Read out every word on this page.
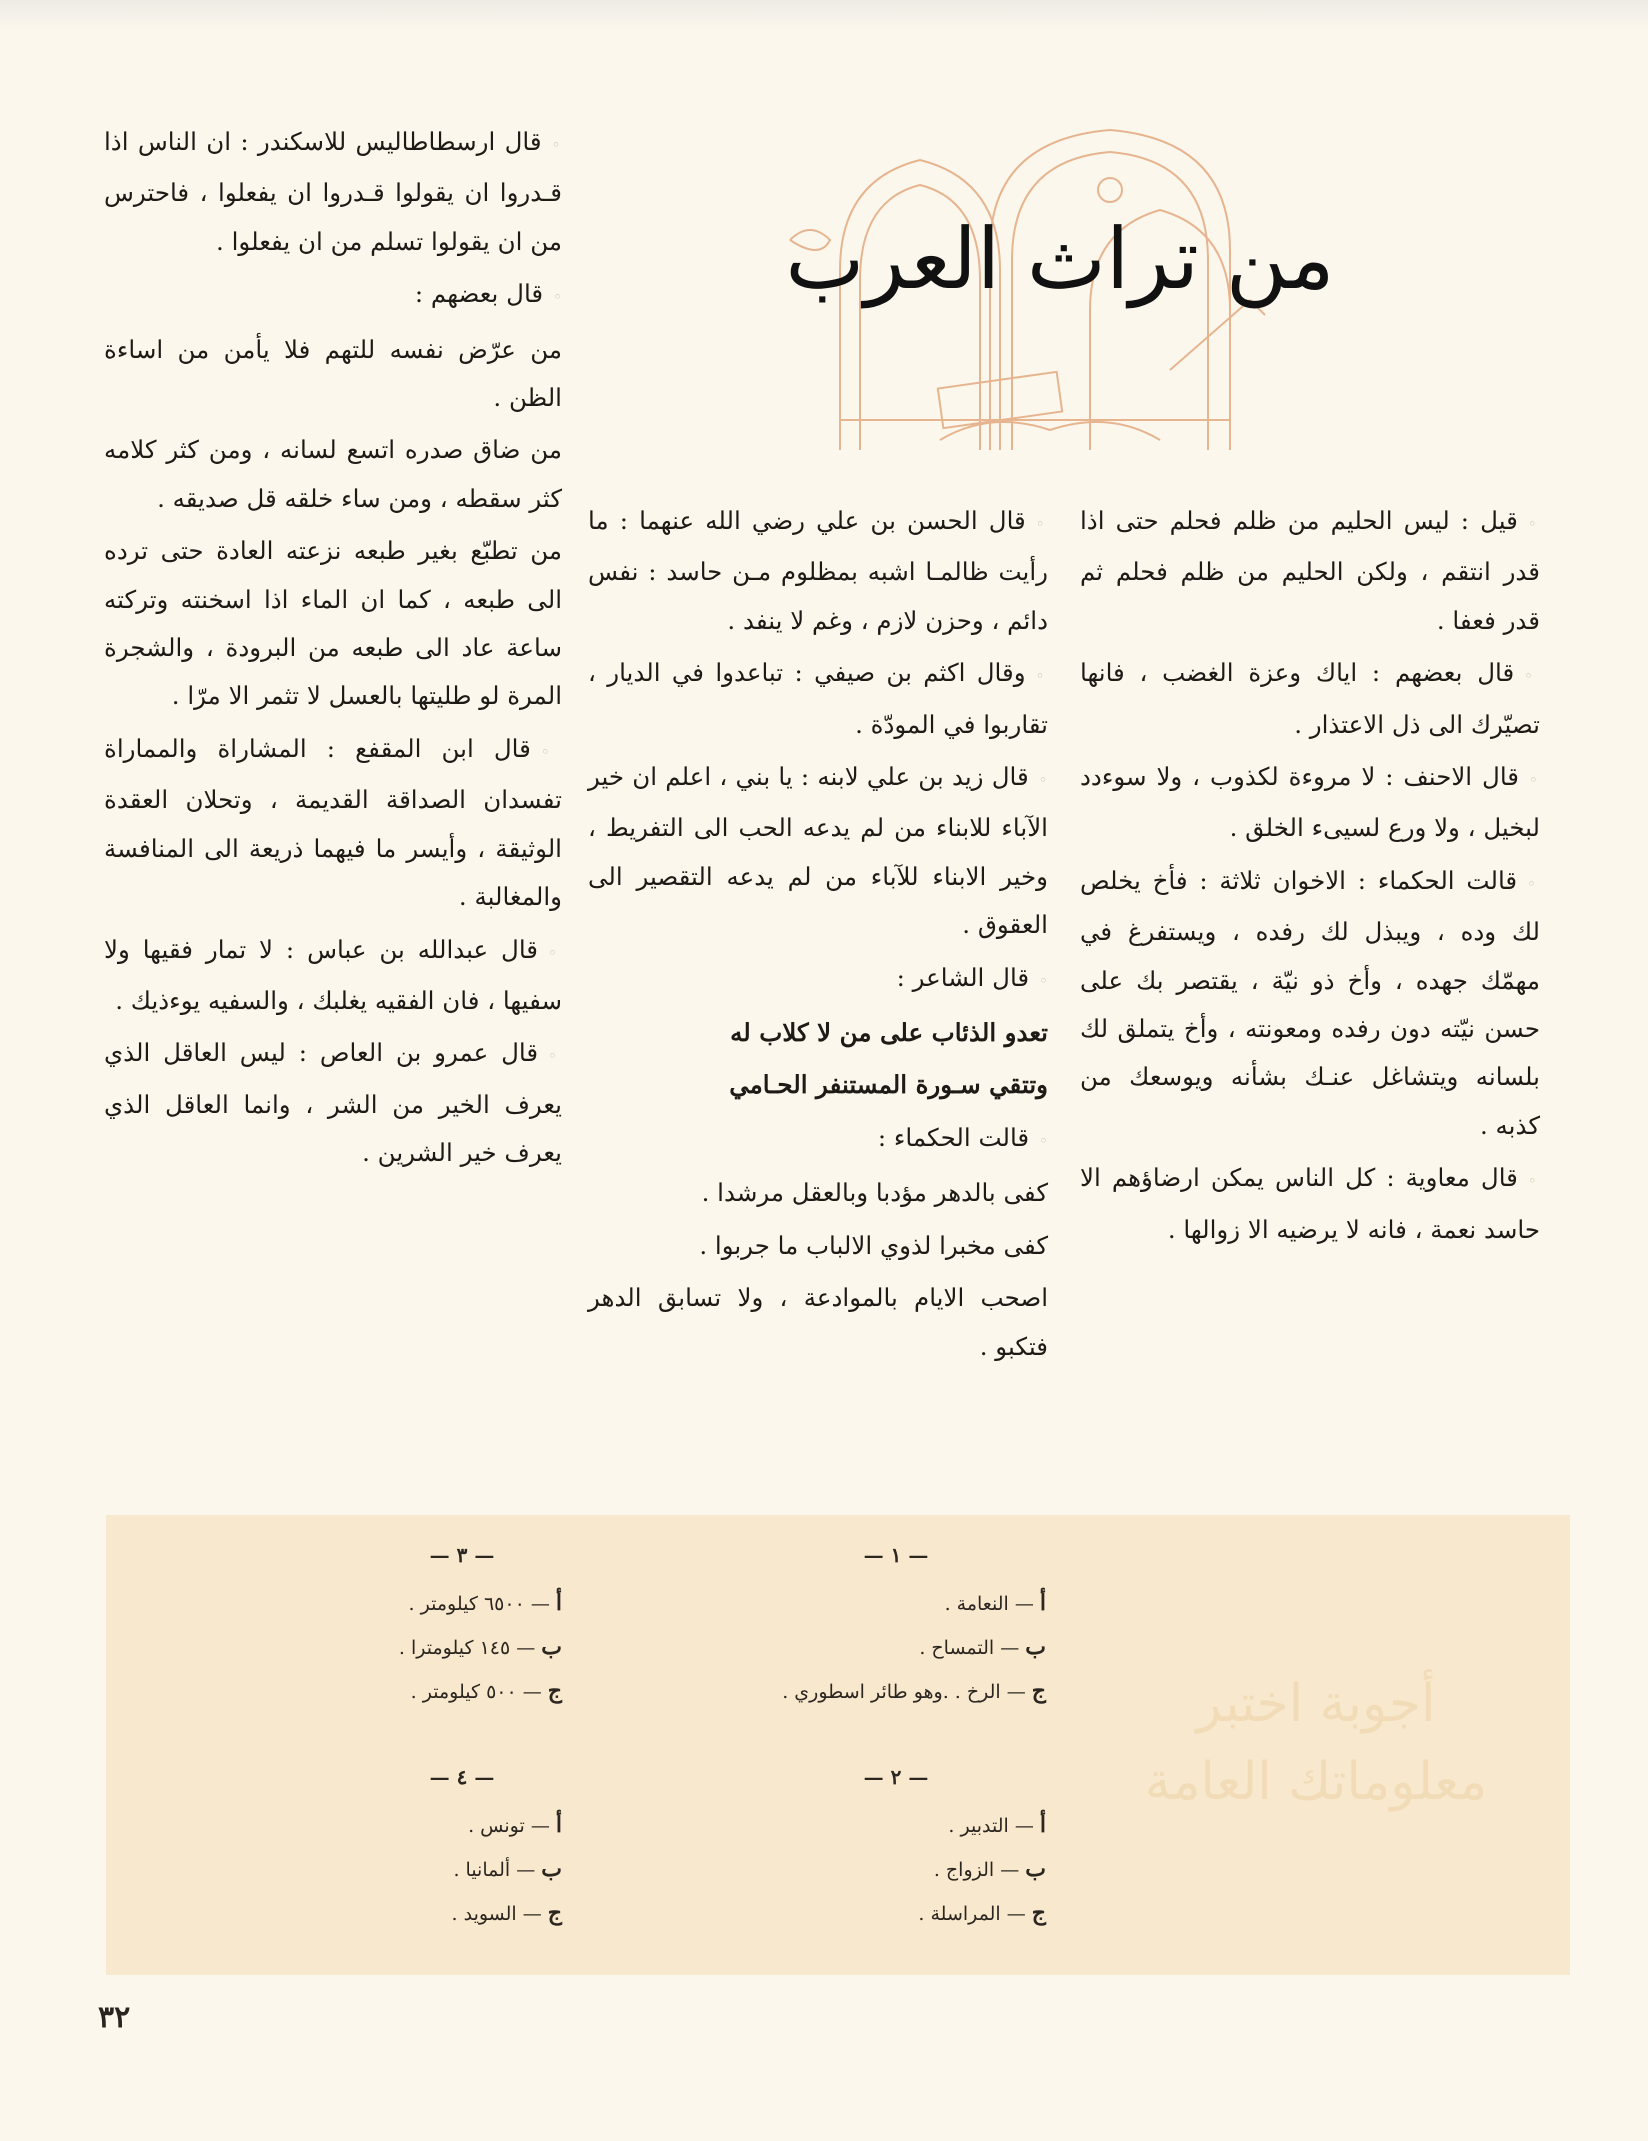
من تراث العرب

◦قيل : ليس الحليم من ظلم فحلم حتى اذا قدر انتقم ، ولكن الحليم من ظلم فحلم ثم قدر فعفا .

◦قال بعضهم : اياك وعزة الغضب ، فانها تصيّرك الى ذل الاعتذار .

◦قال الاحنف : لا مروءة لكذوب ، ولا سوءدد لبخيل ، ولا ورع لسيىء الخلق .

◦قالت الحكماء : الاخوان ثلاثة : فأخ يخلص لك وده ، ويبذل لك رفده ، ويستفرغ في مهمّك جهده ، وأخ ذو نيّة ، يقتصر بك على حسن نيّته دون رفده ومعونته ، وأخ يتملق لك بلسانه ويتشاغل عنـك بشأنه ويوسعك من كذبه .

◦قال معاوية : كل الناس يمكن ارضاؤهم الا حاسد نعمة ، فانه لا يرضيه الا زوالها .

◦قال الحسن بن علي رضي الله عنهما : ما رأيت ظالمـا اشبه بمظلوم مـن حاسد : نفس دائم ، وحزن لازم ، وغم لا ينفد .

◦وقال اكثم بن صيفي : تباعدوا في الديار ، تقاربوا في المودّة .

◦قال زيد بن علي لابنه : يا بني ، اعلم ان خير الآباء للابناء من لم يدعه الحب الى التفريط ، وخير الابناء للآباء من لم يدعه التقصير الى العقوق .

◦قال الشاعر :

تعدو الذئاب على من لا كلاب له

وتتقي سـورة المستنفر الحـامي

◦قالت الحكماء :

كفى بالدهر مؤدبا وبالعقل مرشدا .

كفى مخبرا لذوي الالباب ما جربوا .

اصحب الايام بالموادعة ، ولا تسابق الدهر فتكبو .

◦قال ارسطاطاليس للاسكندر : ان الناس اذا قـدروا ان يقولوا قـدروا ان يفعلوا ، فاحترس من ان يقولوا تسلم من ان يفعلوا .

◦قال بعضهم :

من عرّض نفسه للتهم فلا يأمن من اساءة الظن .

من ضاق صدره اتسع لسانه ، ومن كثر كلامه كثر سقطه ، ومن ساء خلقه قل صديقه .

من تطبّع بغير طبعه نزعته العادة حتى ترده الى طبعه ، كما ان الماء اذا اسخنته وتركته ساعة عاد الى طبعه من البرودة ، والشجرة المرة لو طليتها بالعسل لا تثمر الا مرّا .

◦قال ابن المقفع : المشاراة والمماراة تفسدان الصداقة القديمة ، وتحلان العقدة الوثيقة ، وأيسر ما فيهما ذريعة الى المنافسة والمغالبة .

◦قال عبدالله بن عباس : لا تمار فقيها ولا سفيها ، فان الفقيه يغلبك ، والسفيه يوءذيك .

◦قال عمرو بن العاص : ليس العاقل الذي يعرف الخير من الشر ، وانما العاقل الذي يعرف خير الشرين .

أجوبة اختبر معلوماتك العامة
— ١ —
أ — النعامة .
ب — التمساح .
ج — الرخ . .وهو طائر اسطوري .
— ٢ —
أ — التدبير .
ب — الزواج .
ج — المراسلة .
— ٣ —
أ — ٦٥٠٠ كيلومتر .
ب — ١٤٥ كيلومترا .
ج — ٥٠٠ كيلومتر .
— ٤ —
أ — تونس .
ب — ألمانيا .
ج — السويد .
٣٢
